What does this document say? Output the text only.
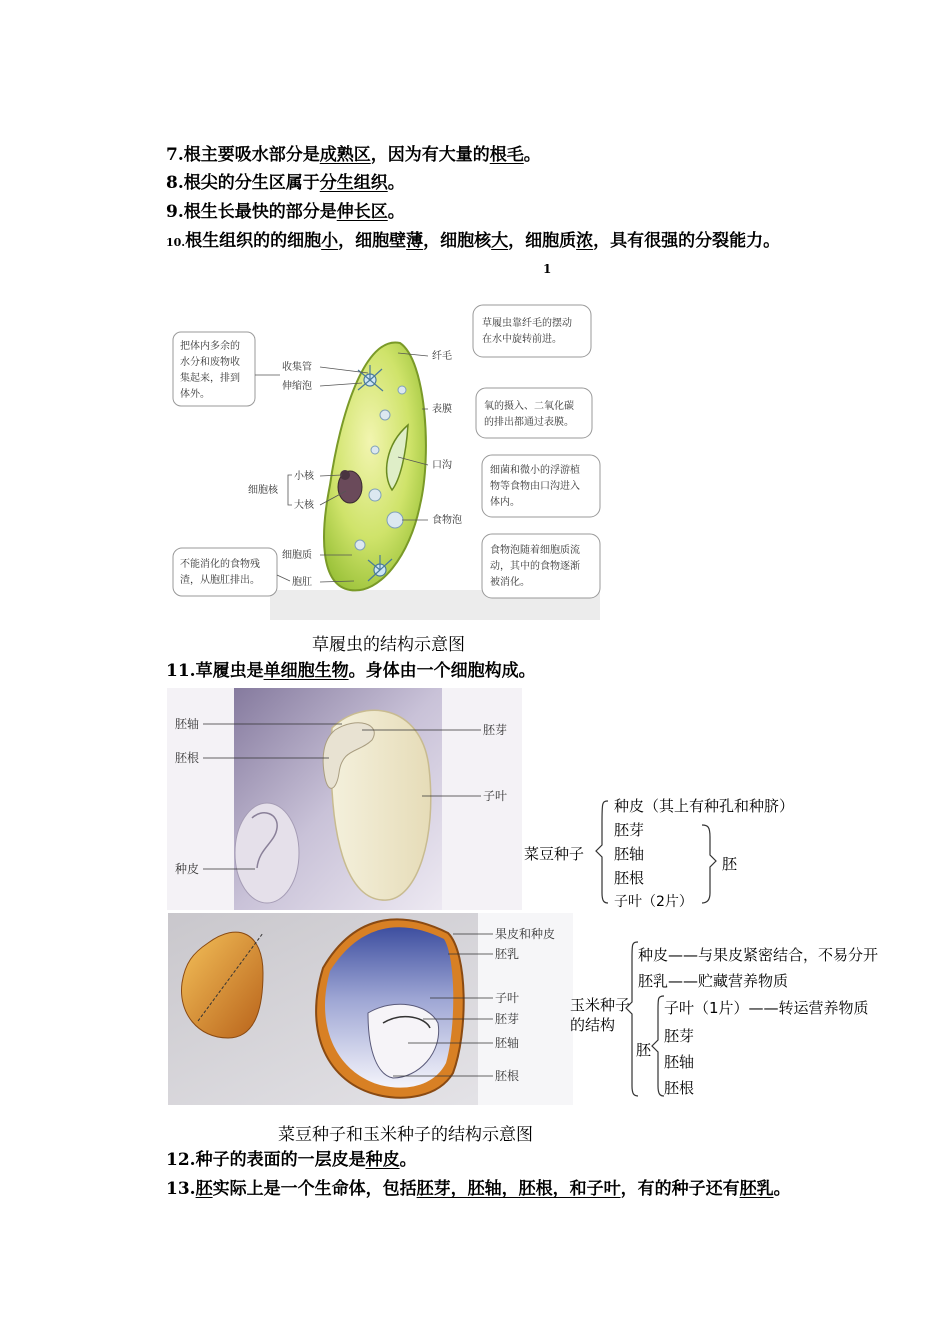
7.根主要吸水部分是成熟区，因为有大量的根毛。
8.根尖的分生区属于分生组织。
9.根生长最快的部分是伸长区。
10.根生组织的的细胞小，细胞壁薄，细胞核大，细胞质浓，具有很强的分裂能力。
1
把体内多余的 水分和废物收 集起来，排到 体外。
草履虫靠纤毛的摆动 在水中旋转前进。
氧的摄入、二氧化碳 的排出都通过表膜。
细菌和微小的浮游植 物等食物由口沟进入 体内。
食物泡随着细胞质流 动，其中的食物逐渐 被消化。
不能消化的食物残 渣，从胞肛排出。
收集管
伸缩泡
纤毛
表膜
口沟
小核
大核
细胞核
食物泡
细胞质
胞肛
草履虫的结构示意图
11.草履虫是单细胞生物。身体由一个细胞构成。
胚轴
胚根
种皮
胚芽
子叶
菜豆种子
种皮（其上有种孔和种脐）
胚芽
胚轴
胚根
子叶（2片）
胚
果皮和种皮
胚乳
子叶
胚芽
胚轴
胚根
玉米种子
的结构
种皮——与果皮紧密结合，不易分开
胚乳——贮藏营养物质
胚
子叶（1片）——转运营养物质
胚芽
胚轴
胚根
菜豆种子和玉米种子的结构示意图
12.种子的表面的一层皮是种皮。
13.胚实际上是一个生命体，包括胚芽，胚轴，胚根，和子叶，有的种子还有胚乳。
